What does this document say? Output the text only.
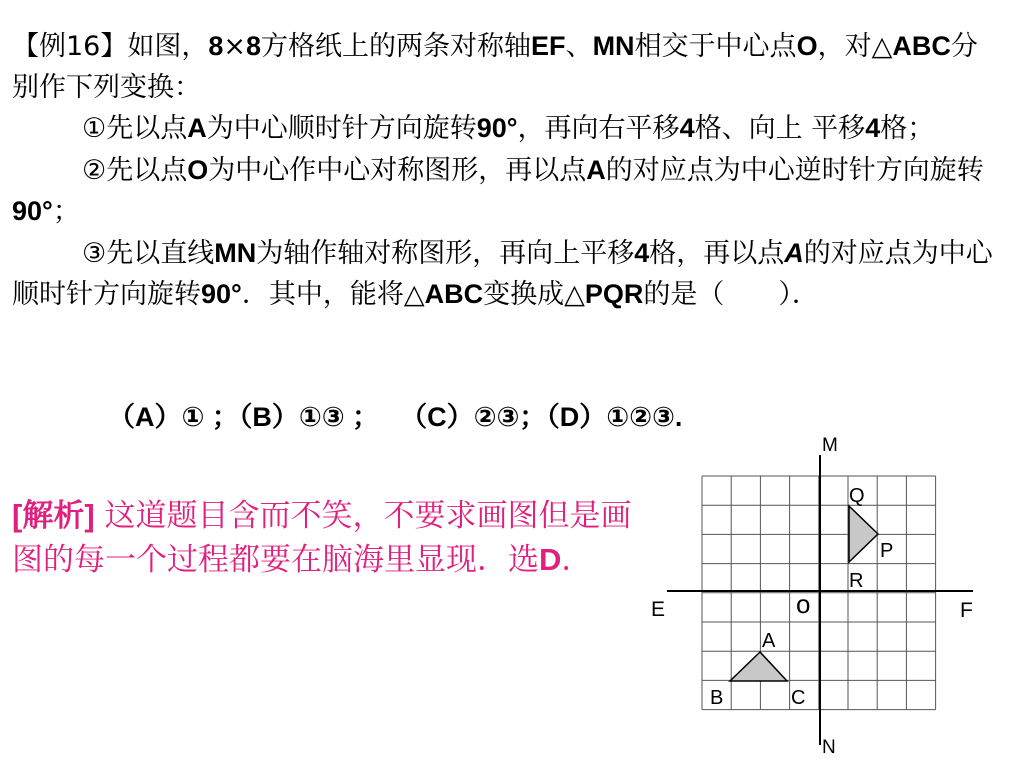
【例16】如图，8×8方格纸上的两条对称轴EF、MN相交于中心点O，对△ABC分别作下列变换：

①先以点A为中心顺时针方向旋转90°，再向右平移4格、向上 平移4格；

②先以点O为中心作中心对称图形，再以点A的对应点为中心逆时针方向旋转90°；

③先以直线MN为轴作轴对称图形，再向上平移4格，再以点A的对应点为中心顺时针方向旋转90°．其中，能将△ABC变换成△PQR的是（　　）．

（A）① ；（B）①③ ；　 （C）②③；（D）①②③.
[解析] 这道题目含而不笑，不要求画图但是画图的每一个过程都要在脑海里显现．选D．
M
N
E	F
o
A
B	C
Q
P
R
